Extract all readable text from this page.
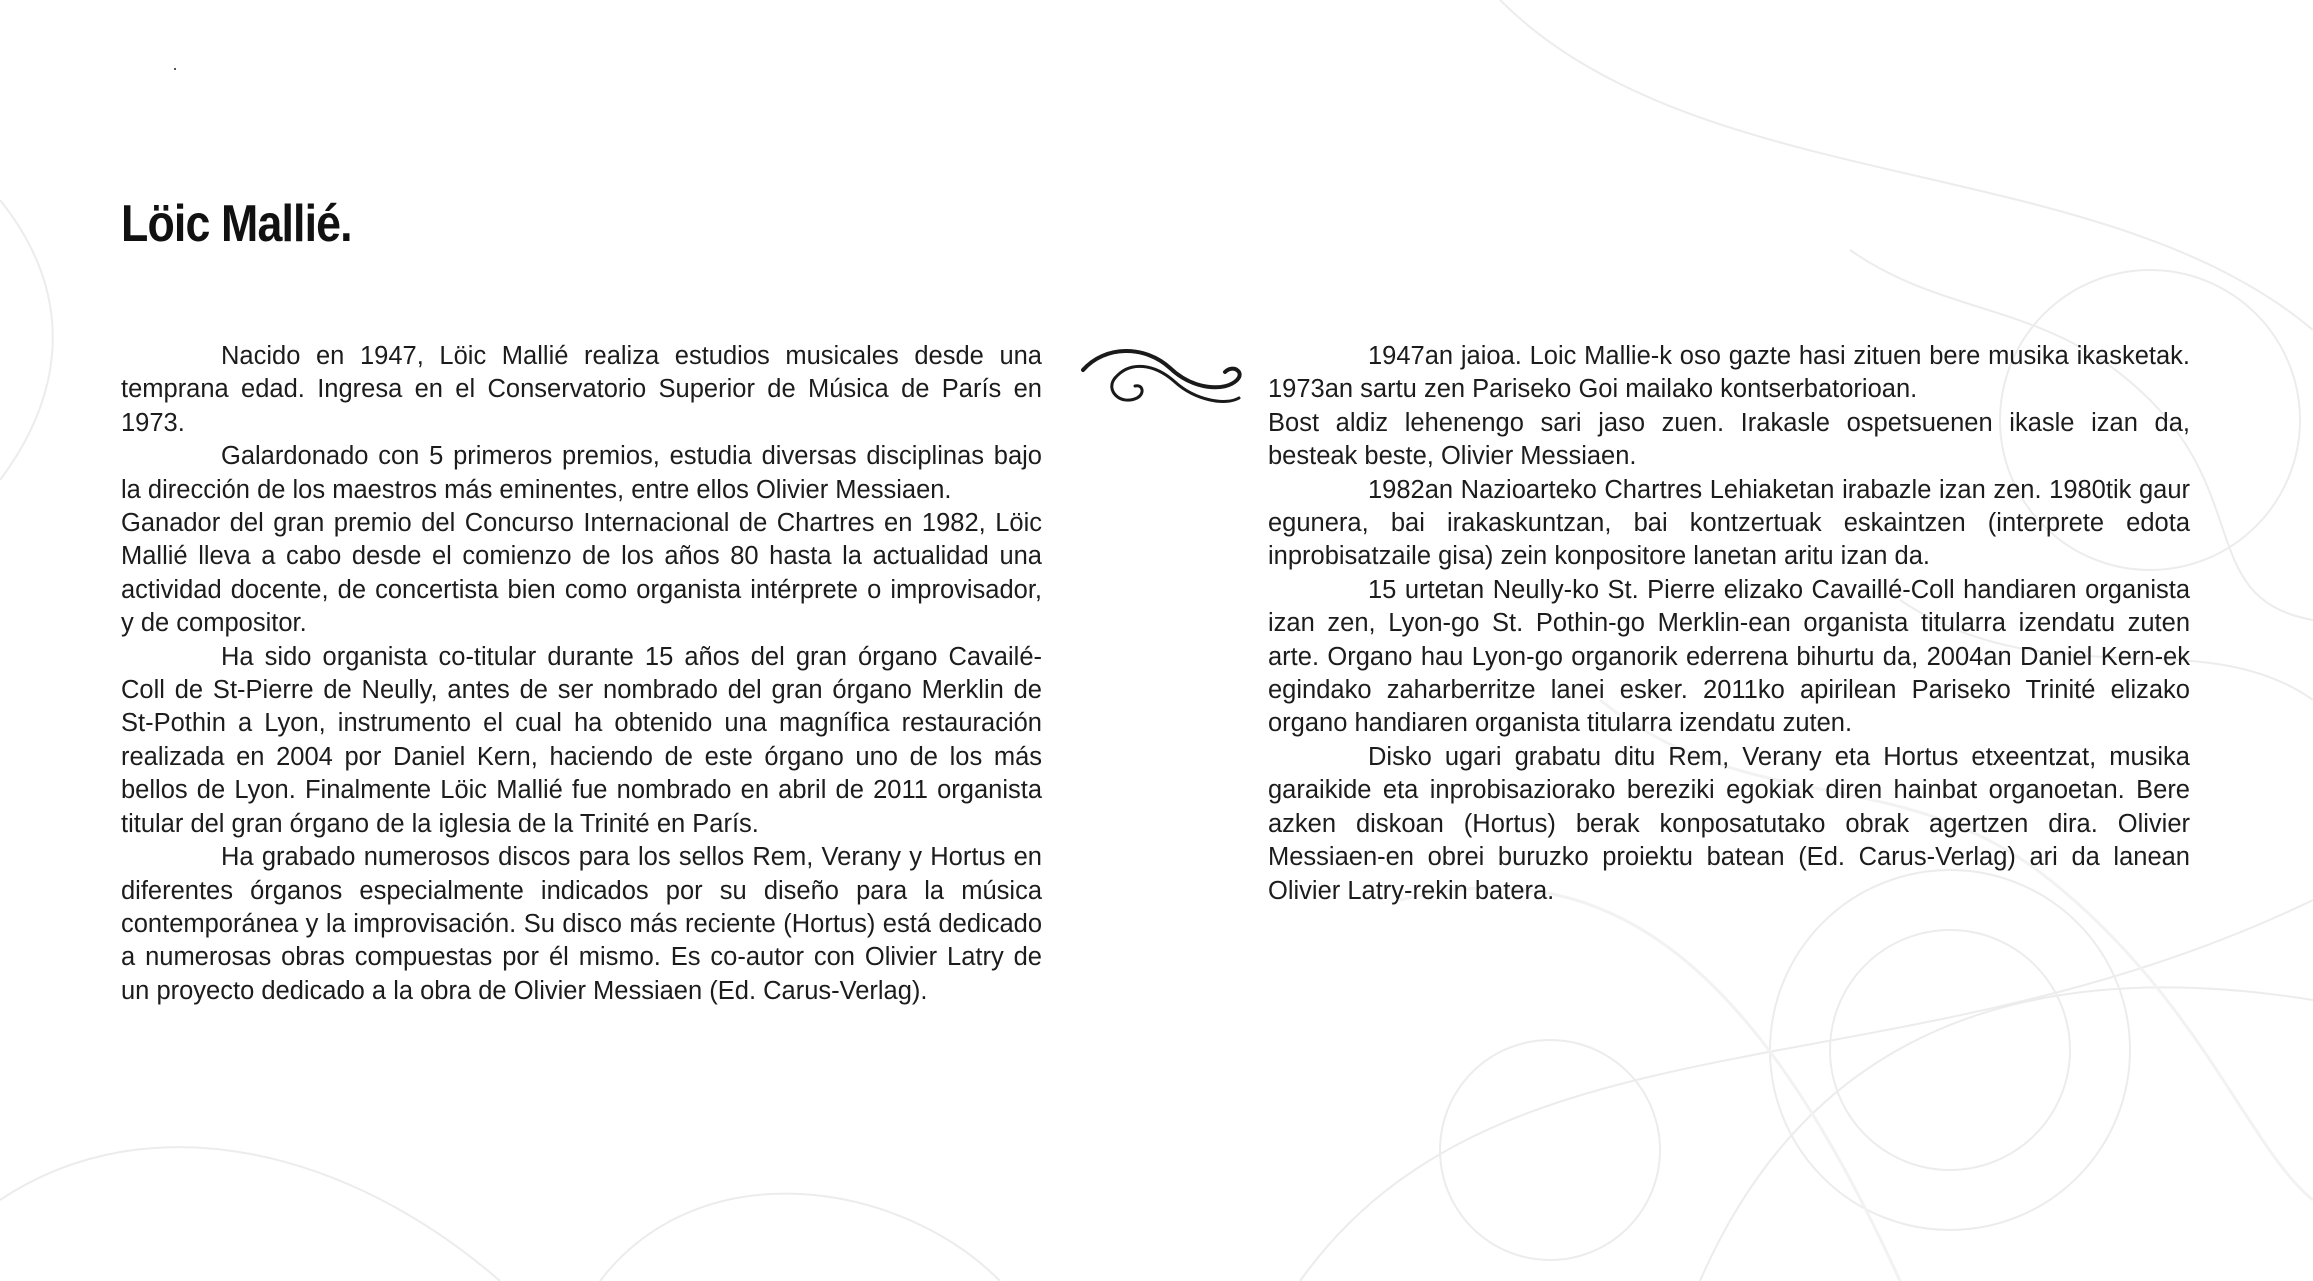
Löic Mallié.

Nacido en 1947, Löic Mallié realiza estudios musicales desde una temprana edad. Ingresa en el Conservatorio Superior de Música de París en 1973.

Galardonado con 5 primeros premios, estudia diversas disciplinas bajo la dirección de los maestros más eminentes, entre ellos Olivier Messiaen.

Ganador del gran premio del Concurso Internacional de Chartres en 1982, Löic Mallié lleva a cabo desde el comienzo de los años 80 hasta la actualidad una actividad docente, de concertista bien como organista intérprete o improvisador, y de compositor.

Ha sido organista co-titular durante 15 años del gran órgano Cavailé-Coll de St-Pierre de Neully, antes de ser nombrado del gran órgano Merklin de St-Pothin a Lyon, instrumento el cual ha obtenido una magnífica restauración realizada en 2004 por Daniel Kern, haciendo de este órgano uno de los más bellos de Lyon. Finalmente Löic Mallié fue nombrado en abril de 2011 organista titular del gran órgano de la iglesia de la Trinité en París.

Ha grabado numerosos discos para los sellos Rem, Verany y Hortus en diferentes órganos especialmente indicados por su diseño para la música contemporánea y la improvisación. Su disco más reciente (Hortus) está dedicado a numerosas obras compuestas por él mismo. Es co-autor con Olivier Latry de un proyecto dedicado a la obra de Olivier Messiaen (Ed. Carus-Verlag).

1947an jaioa. Loic Mallie-k oso gazte hasi zituen bere musika ikasketak. 1973an sartu zen Pariseko Goi mailako kontserbatorioan.

Bost aldiz lehenengo sari jaso zuen. Irakasle ospetsuenen ikasle izan da, besteak beste, Olivier Messiaen.

1982an Nazioarteko Chartres Lehiaketan irabazle izan zen. 1980tik gaur egunera, bai irakaskuntzan, bai kontzertuak eskaintzen (interprete edota inprobisatzaile gisa) zein konpositore lanetan aritu izan da.

15 urtetan Neully-ko St. Pierre elizako Cavaillé-Coll handiaren organista izan zen, Lyon-go St. Pothin-go Merklin-ean organista titularra izendatu zuten arte. Organo hau Lyon-go organorik ederrena bihurtu da, 2004an Daniel Kern-ek egindako zaharberritze lanei esker. 2011ko apirilean Pariseko Trinité elizako organo handiaren organista titularra izendatu zuten.

Disko ugari grabatu ditu Rem, Verany eta Hortus etxeentzat, musika garaikide eta inprobisaziorako bereziki egokiak diren hainbat organoetan. Bere azken diskoan (Hortus) berak konposatutako obrak agertzen dira. Olivier Messiaen-en obrei buruzko proiektu batean (Ed. Carus-Verlag) ari da lanean Olivier Latry-rekin batera.
